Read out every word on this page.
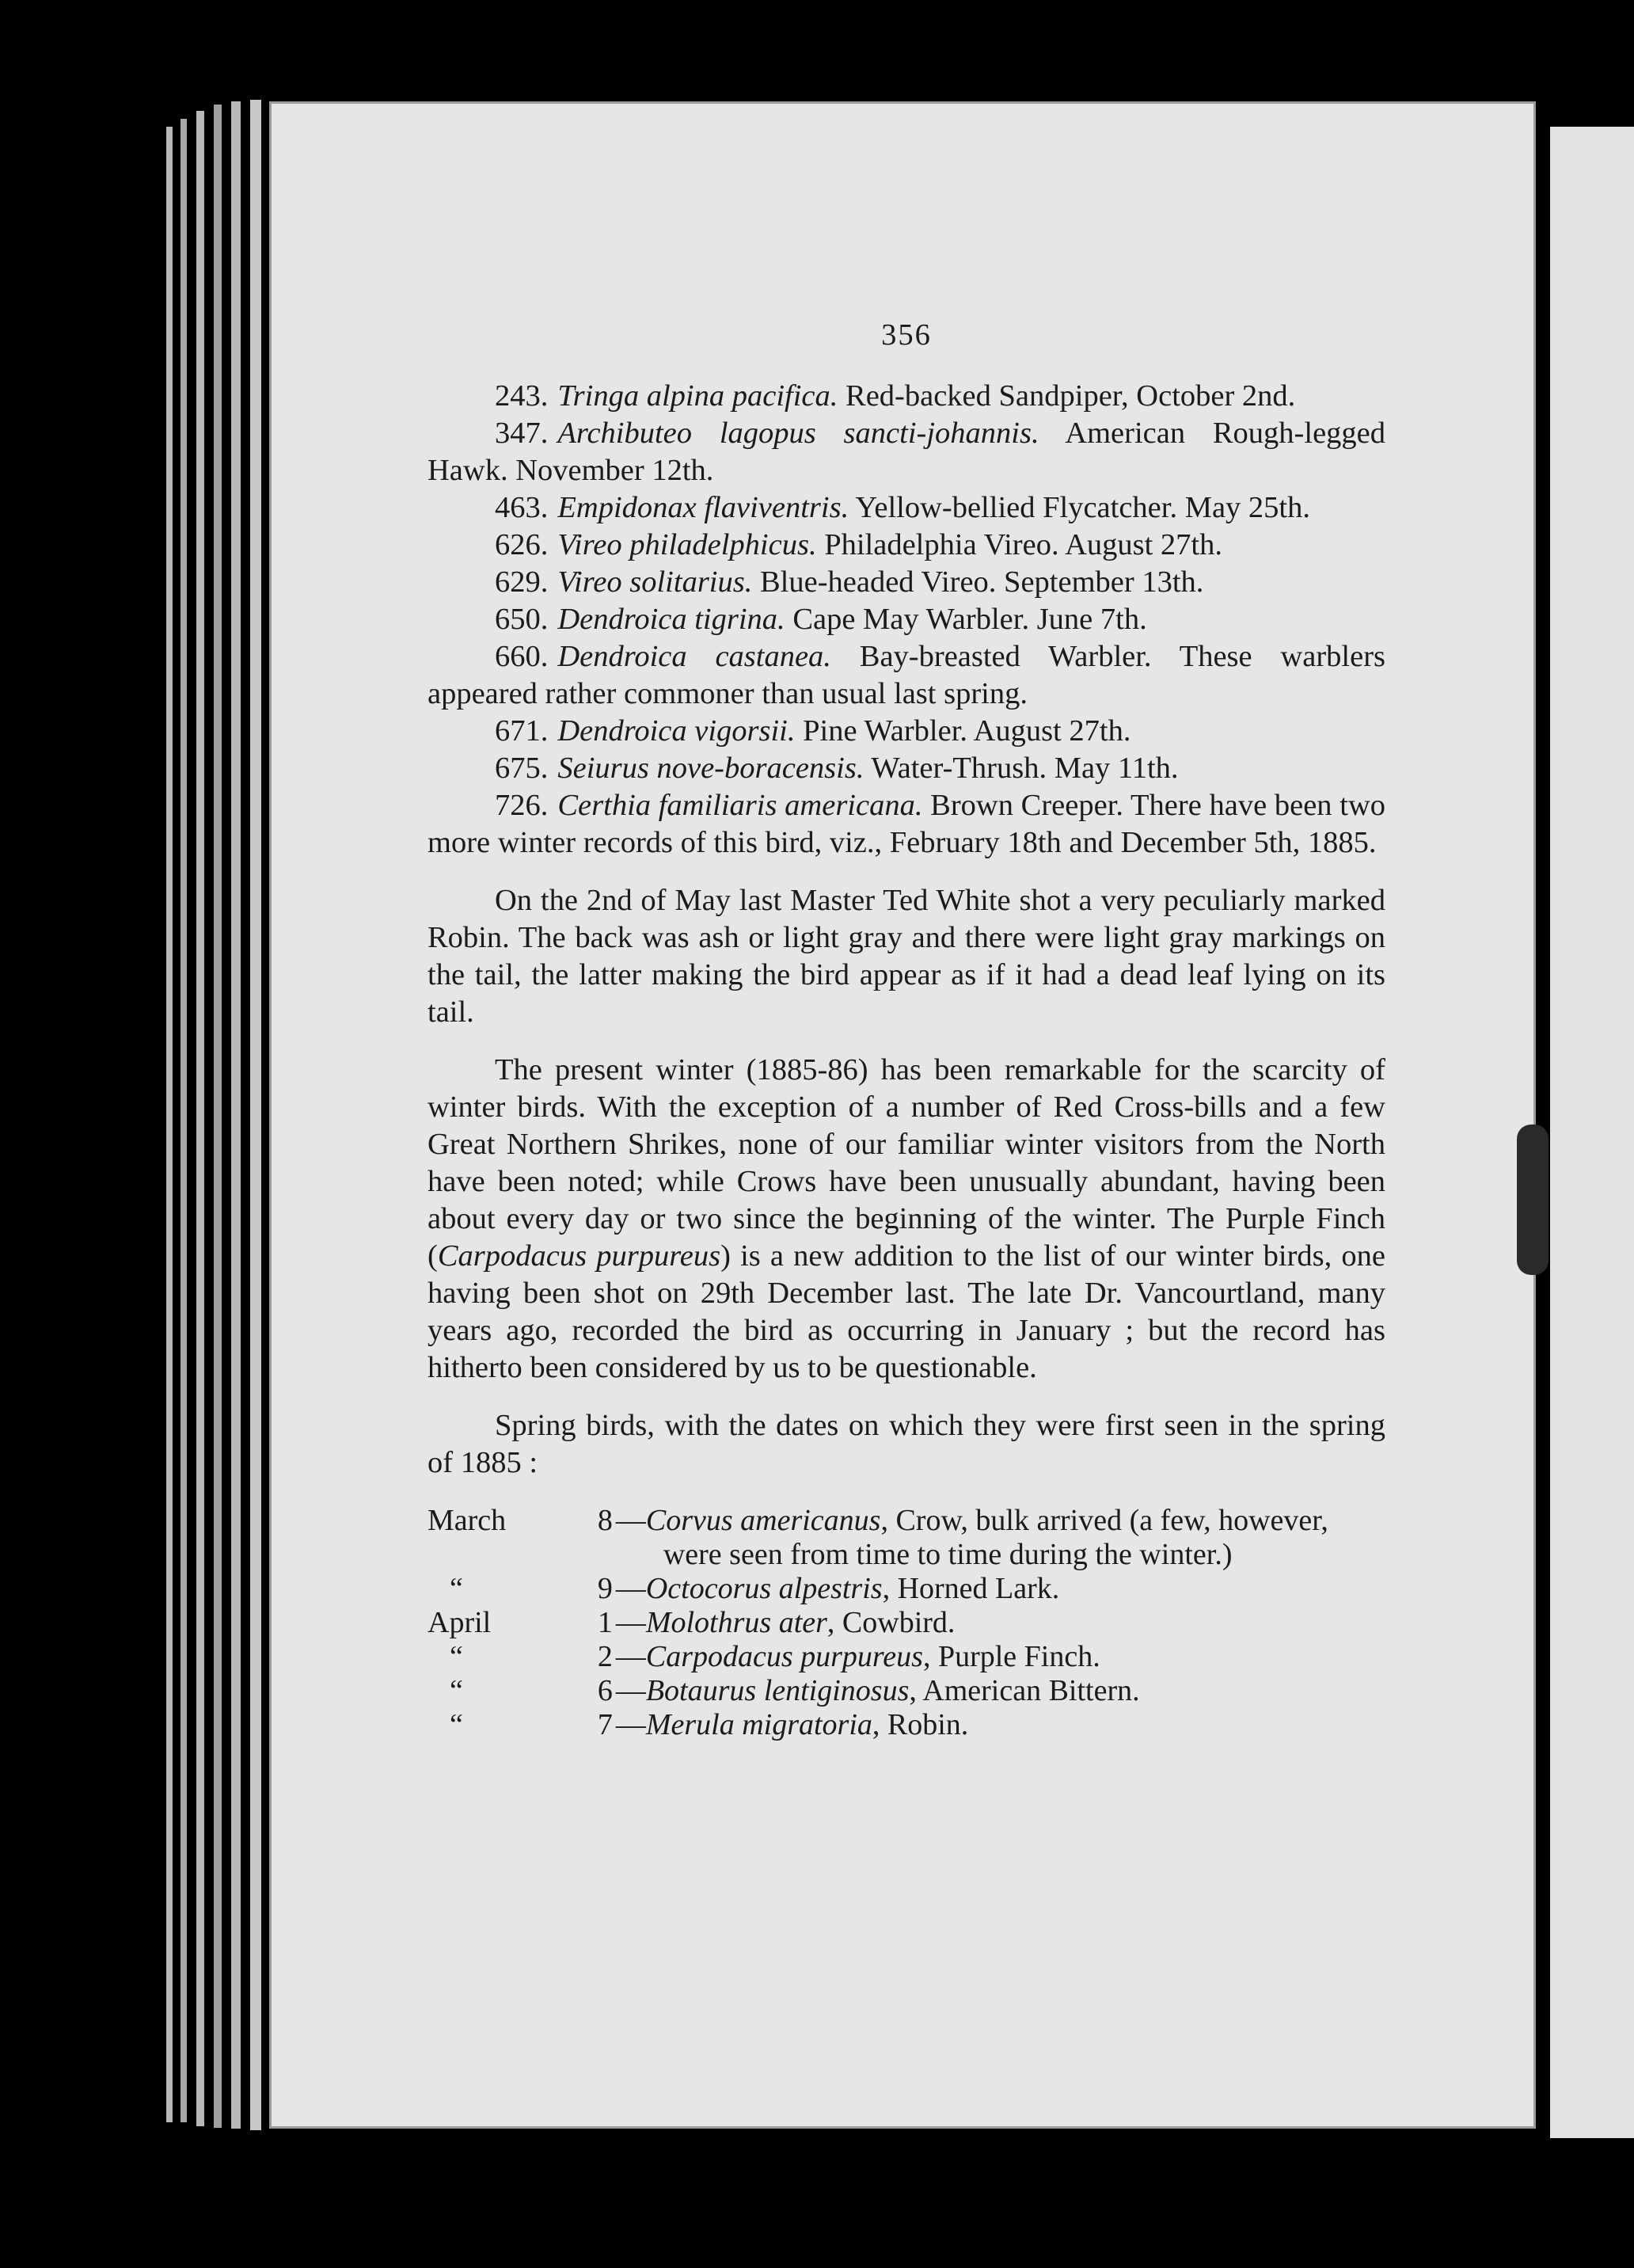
356

243. Tringa alpina pacifica. Red-backed Sandpiper, October 2nd.

347. Archibuteo lagopus sancti-johannis. American Rough-legged Hawk. November 12th.

463. Empidonax flaviventris. Yellow-bellied Flycatcher. May 25th.

626. Vireo philadelphicus. Philadelphia Vireo. August 27th.

629. Vireo solitarius. Blue-headed Vireo. September 13th.

650. Dendroica tigrina. Cape May Warbler. June 7th.

660. Dendroica castanea. Bay-breasted Warbler. These warblers appeared rather commoner than usual last spring.

671. Dendroica vigorsii. Pine Warbler. August 27th.

675. Seiurus nove-boracensis. Water-Thrush. May 11th.

726. Certhia familiaris americana. Brown Creeper. There have been two more winter records of this bird, viz., February 18th and December 5th, 1885.

On the 2nd of May last Master Ted White shot a very peculiarly marked Robin. The back was ash or light gray and there were light gray markings on the tail, the latter making the bird appear as if it had a dead leaf lying on its tail.

The present winter (1885-86) has been remarkable for the scarcity of winter birds. With the exception of a number of Red Cross-bills and a few Great Northern Shrikes, none of our familiar winter visitors from the North have been noted; while Crows have been unusually abundant, having been about every day or two since the beginning of the winter. The Purple Finch (Carpodacus purpureus) is a new addition to the list of our winter birds, one having been shot on 29th December last. The late Dr. Vancourtland, many years ago, recorded the bird as occurring in January ; but the record has hitherto been considered by us to be questionable.

Spring birds, with the dates on which they were first seen in the spring of 1885 :

March	8	—Corvus americanus, Crow, bulk arrived (a few, however,
were seen from time to time during the winter.)

“	9	—Octocorus alpestris, Horned Lark.
April	1	—Molothrus ater, Cowbird.
“	2	—Carpodacus purpureus, Purple Finch.
“	6	—Botaurus lentiginosus, American Bittern.
“	7	—Merula migratoria, Robin.
